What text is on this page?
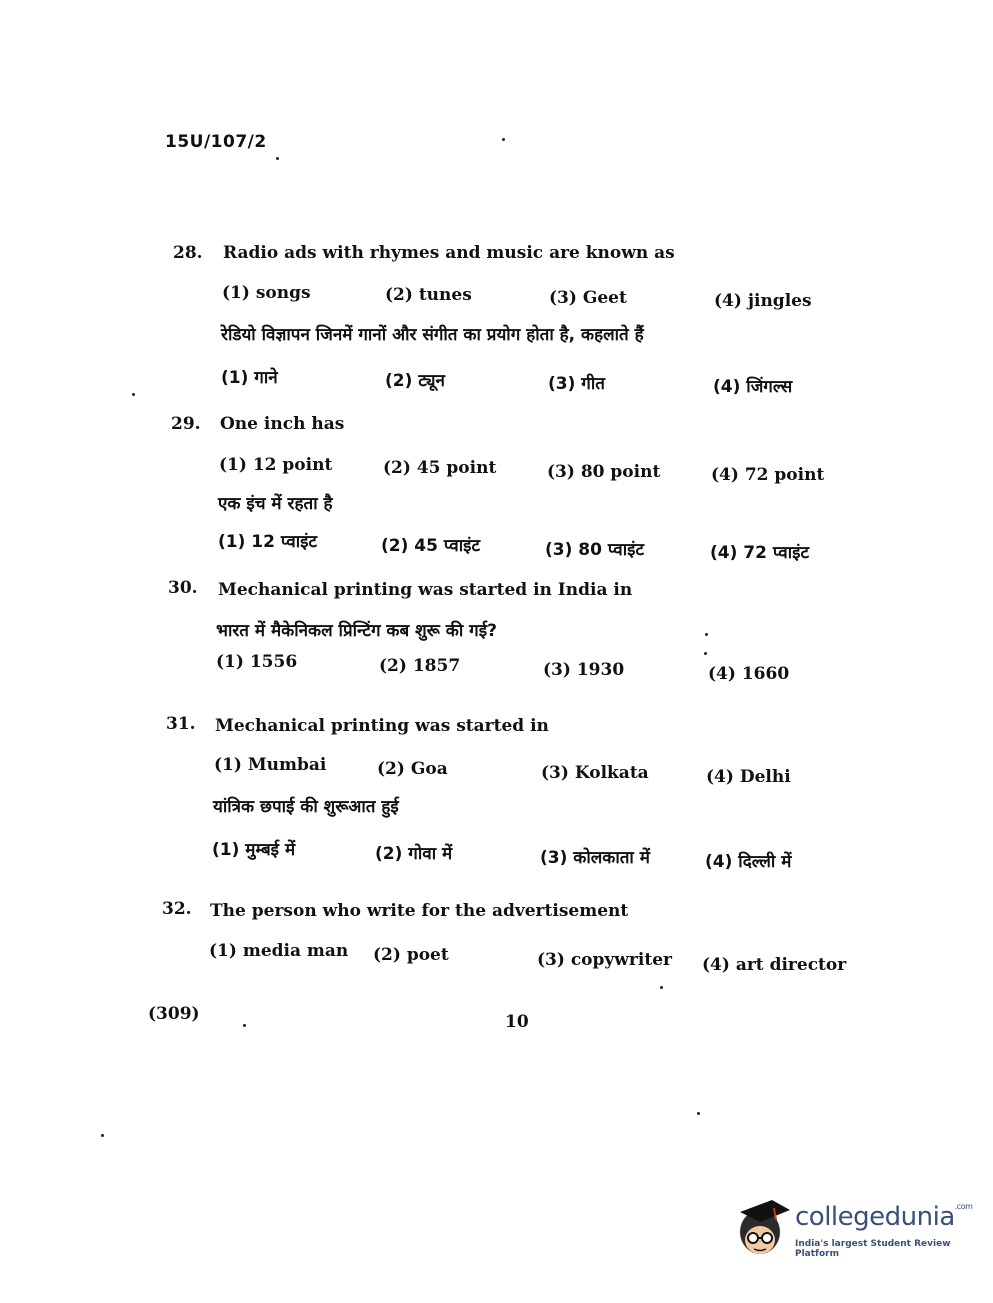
15U/107/2
28. Radio ads with rhymes and music are known as
(1) songs	(2) tunes	(3) Geet	(4) jingles
रेडियो विज्ञापन जिनमें गानों और संगीत का प्रयोग होता है, कहलाते हैं
(1) गाने	(2) ट्यून	(3) गीत	(4) जिंगल्स
29. One inch has
(1) 12 point	(2) 45 point	(3) 80 point	(4) 72 point
एक इंच में रहता है
(1) 12 प्वाइंट	(2) 45 प्वाइंट	(3) 80 प्वाइंट	(4) 72 प्वाइंट
30. Mechanical printing was started in India in
भारत में मैकेनिकल प्रिन्टिंग कब शुरू की गई?
(1) 1556	(2) 1857	(3) 1930	(4) 1660
31. Mechanical printing was started in
(1) Mumbai	(2) Goa	(3) Kolkata	(4) Delhi
यांत्रिक छपाई की शुरूआत हुई
(1) मुम्बई में	(2) गोवा में	(3) कोलकाता में	(4) दिल्ली में
32. The person who write for the advertisement
(1) media man (2) poet	(3) copywriter (4) art director
(309)	10
collegedunia$^{.com}$
India's largest Student Review Platform
